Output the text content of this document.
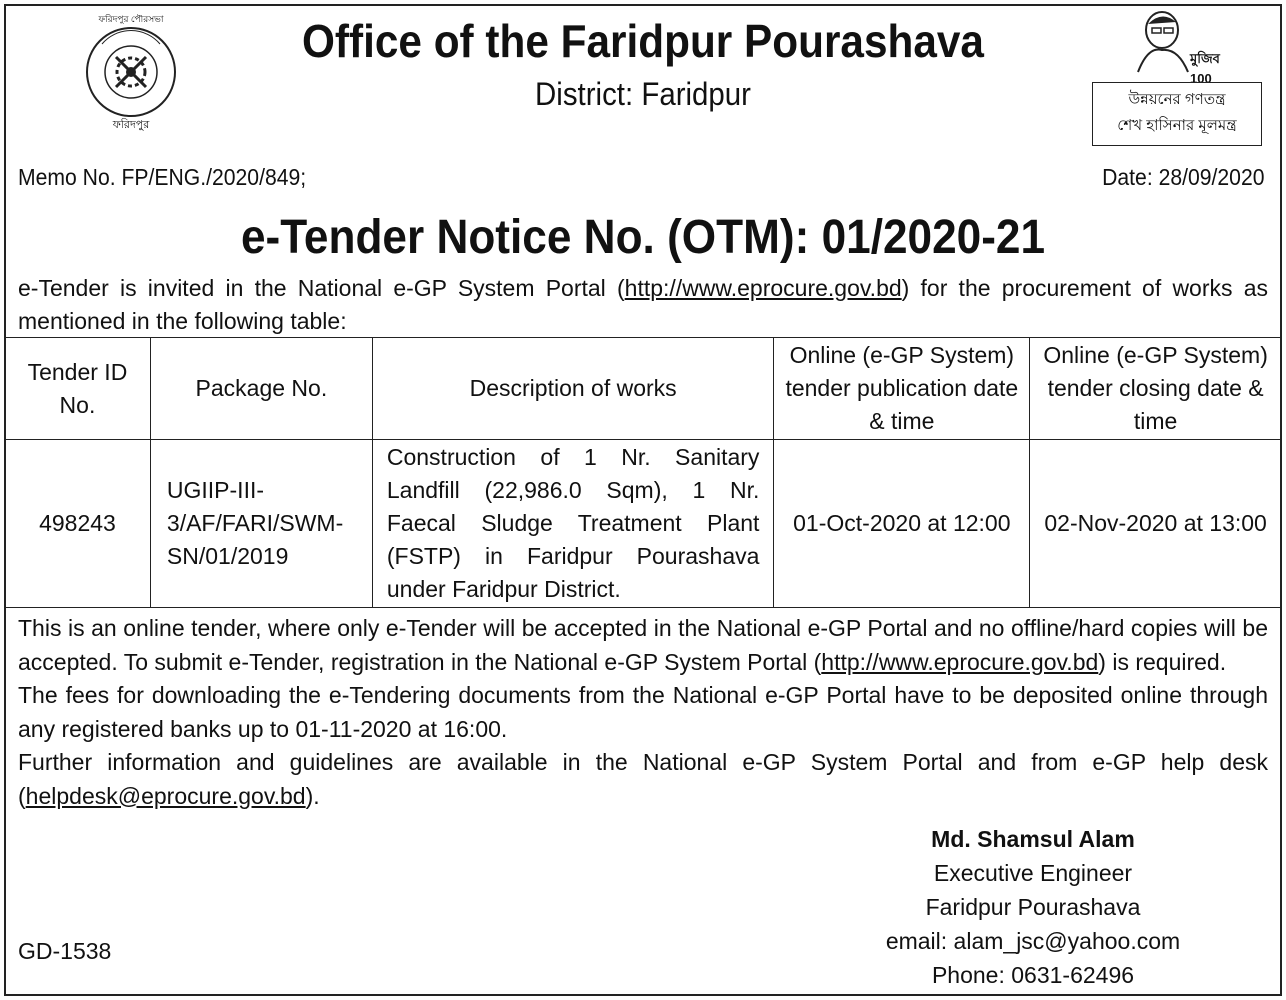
ফরিদপুর পৌরসভা
ফরিদপুর
Office of the Faridpur Pourashava
District: Faridpur
মুজিব 100
উন্নয়নের গণতন্ত্র
শেখ হাসিনার মূলমন্ত্র
Memo No. FP/ENG./2020/849;	Date: 28/09/2020
e-Tender Notice No. (OTM): 01/2020-21
e-Tender is invited in the National e-GP System Portal (http://www.eprocure.gov.bd) for the procurement of works as mentioned in the following table:
Tender ID No.	Package No.	Description of works	Online (e-GP System) tender publication date & time	Online (e-GP System) tender closing date & time
498243	UGIIP-III-3/AF/FARI/SWM-SN/01/2019	Construction of 1 Nr. Sanitary Landfill (22,986.0 Sqm), 1 Nr. Faecal Sludge Treatment Plant (FSTP) in Faridpur Pourashava under Faridpur District.	01-Oct-2020 at 12:00	02-Nov-2020 at 13:00

This is an online tender, where only e-Tender will be accepted in the National e-GP Portal and no offline/hard copies will be accepted. To submit e-Tender, registration in the National e-GP System Portal (http://www.eprocure.gov.bd) is required.

The fees for downloading the e-Tendering documents from the National e-GP Portal have to be deposited online through any registered banks up to 01-11-2020 at 16:00.

Further information and guidelines are available in the National e-GP System Portal and from e-GP help desk (helpdesk@eprocure.gov.bd).

Md. Shamsul Alam
Executive Engineer
Faridpur Pourashava
email: alam_jsc@yahoo.com
Phone: 0631-62496
GD-1538
